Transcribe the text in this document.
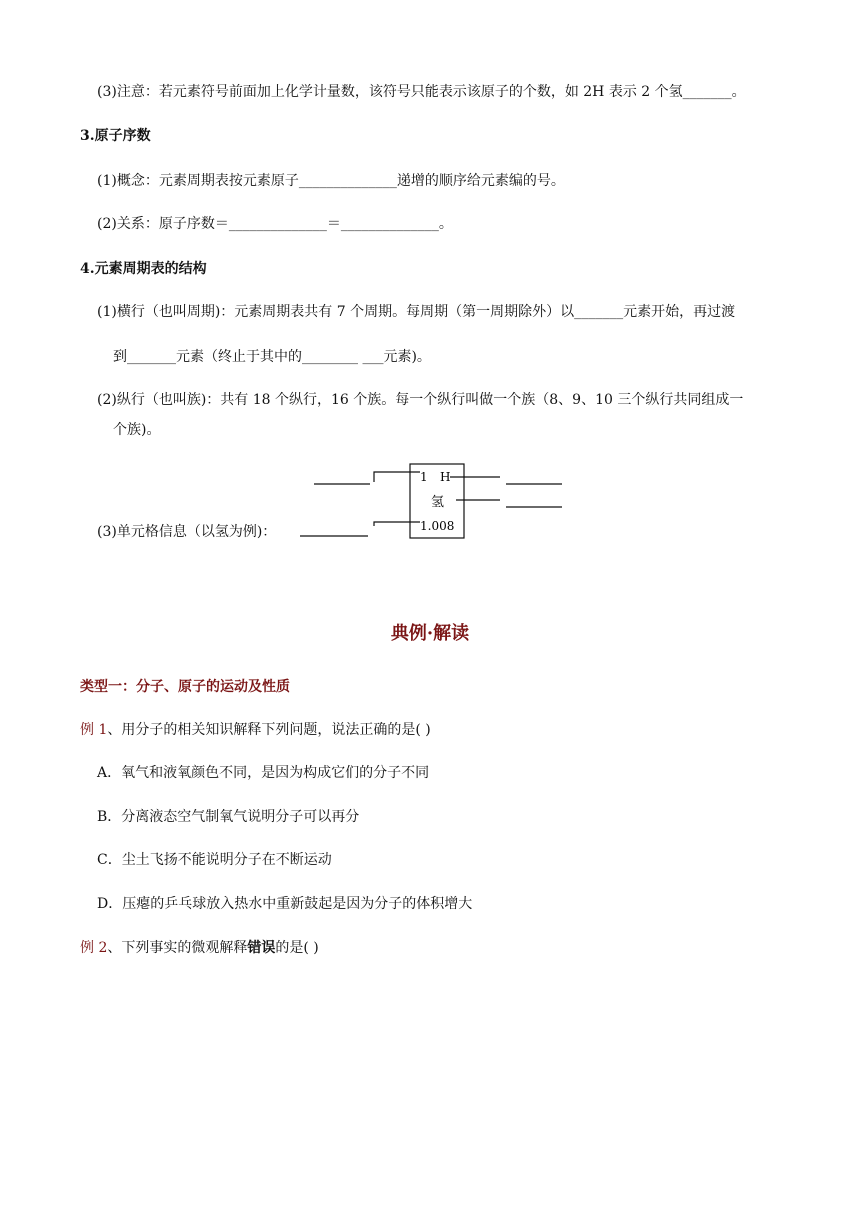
(3)注意：若元素符号前面加上化学计量数，该符号只能表示该原子的个数，如 2H 表示 2 个氢_______。
3.原子序数
(1)概念：元素周期表按元素原子______________递增的顺序给元素编的号。
(2)关系：原子序数＝______________＝______________。
4.元素周期表的结构
(1)横行（也叫周期)：元素周期表共有 7 个周期。每周期（第一周期除外）以_______元素开始，再过渡
到_______元素（终止于其中的________ ___元素)。
(2)纵行（也叫族)：共有 18 个纵行，16 个族。每一个纵行叫做一个族（8、9、10 三个纵行共同组成一
个族)。
(3)单元格信息（以氢为例)：
1 H
氢
1.008
典例·解读
类型一：分子、原子的运动及性质
例 1、用分子的相关知识解释下列问题，说法正确的是( )
A．氧气和液氧颜色不同，是因为构成它们的分子不同
B．分离液态空气制氧气说明分子可以再分
C．尘土飞扬不能说明分子在不断运动
D．压瘪的乒乓球放入热水中重新鼓起是因为分子的体积增大
例 2、下列事实的微观解释错误的是( )
